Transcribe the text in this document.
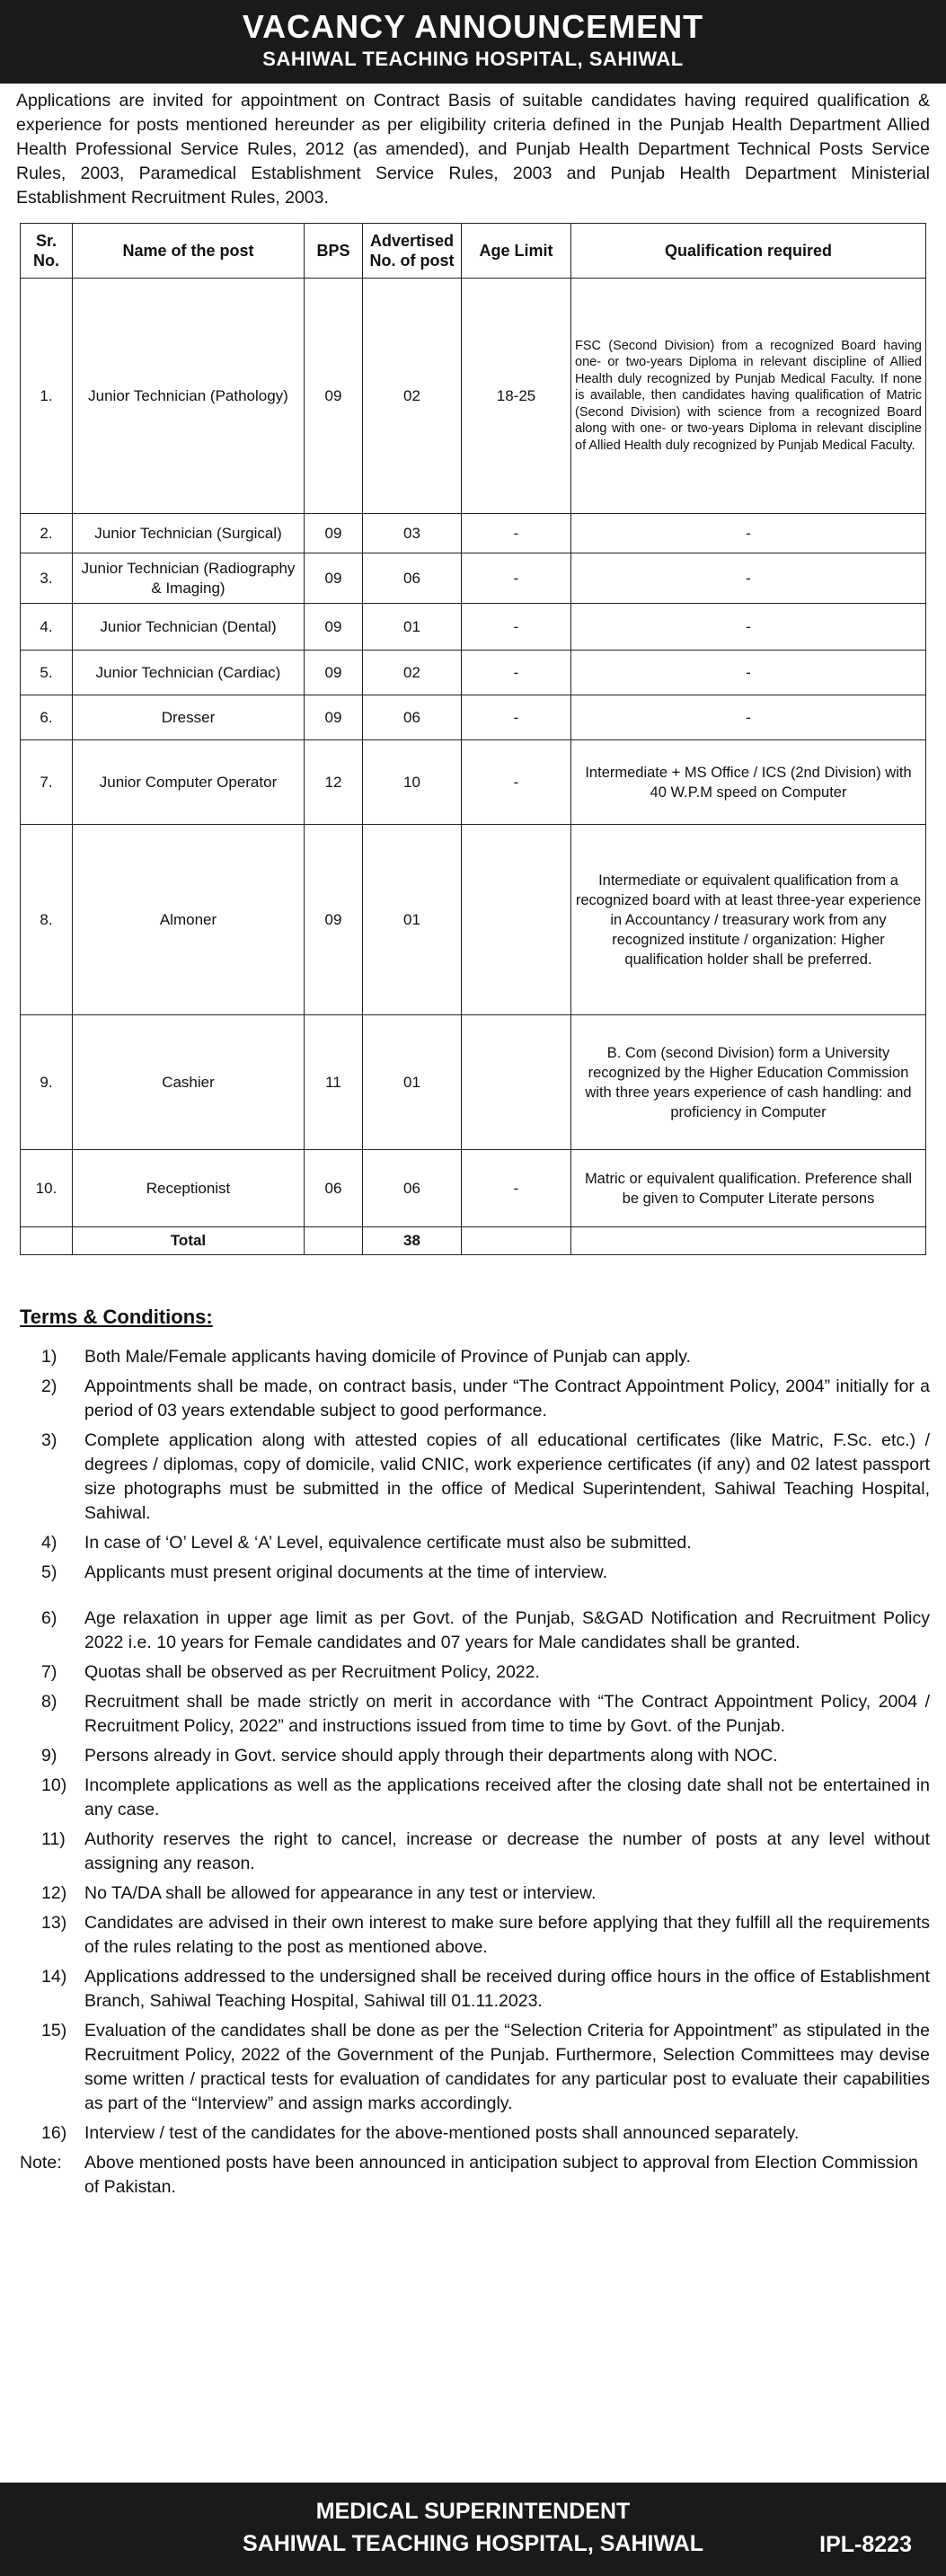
VACANCY ANNOUNCEMENT
SAHIWAL TEACHING HOSPITAL, SAHIWAL
Applications are invited for appointment on Contract Basis of suitable candidates having required qualification & experience for posts mentioned hereunder as per eligibility criteria defined in the Punjab Health Department Allied Health Professional Service Rules, 2012 (as amended), and Punjab Health Department Technical Posts Service Rules, 2003, Paramedical Establishment Service Rules, 2003 and Punjab Health Department Ministerial Establishment Recruitment Rules, 2003.
Sr. No.	Name of the post	BPS	Advertised No. of post	Age Limit	Qualification required
1.	Junior Technician (Pathology)	09	02	18-25	FSC (Second Division) from a recognized Board having one- or two-years Diploma in relevant discipline of Allied Health duly recognized by Punjab Medical Faculty. If none is available, then candidates having qualification of Matric (Second Division) with science from a recognized Board along with one- or two-years Diploma in relevant discipline of Allied Health duly recognized by Punjab Medical Faculty.
2.	Junior Technician (Surgical)	09	03	-	-
3.	Junior Technician (Radiography & Imaging)	09	06	-	-
4.	Junior Technician (Dental)	09	01	-	-
5.	Junior Technician (Cardiac)	09	02	-	-
6.	Dresser	09	06	-	-
7.	Junior Computer Operator	12	10	-	Intermediate + MS Office / ICS (2nd Division) with 40 W.P.M speed on Computer
8.	Almoner	09	01		Intermediate or equivalent qualification from a recognized board with at least three-year experience in Accountancy / treasurary work from any recognized institute / organization: Higher qualification holder shall be preferred.
9.	Cashier	11	01		B. Com (second Division) form a University recognized by the Higher Education Commission with three years experience of cash handling: and proficiency in Computer
10.	Receptionist	06	06	-	Matric or equivalent qualification. Preference shall be given to Computer Literate persons
	Total		38		
Terms & Conditions:
1)	Both Male/Female applicants having domicile of Province of Punjab can apply.
2)	Appointments shall be made, on contract basis, under “The Contract Appointment Policy, 2004” initially for a period of 03 years extendable subject to good performance.
3)	Complete application along with attested copies of all educational certificates (like Matric, F.Sc. etc.) / degrees / diplomas, copy of domicile, valid CNIC, work experience certificates (if any) and 02 latest passport size photographs must be submitted in the office of Medical Superintendent, Sahiwal Teaching Hospital, Sahiwal.
4)	In case of ‘O’ Level & ‘A’ Level, equivalence certificate must also be submitted.
5)	Applicants must present original documents at the time of interview.
6)	Age relaxation in upper age limit as per Govt. of the Punjab, S&GAD Notification and Recruitment Policy 2022 i.e. 10 years for Female candidates and 07 years for Male candidates shall be granted.
7)	Quotas shall be observed as per Recruitment Policy, 2022.
8)	Recruitment shall be made strictly on merit in accordance with “The Contract Appointment Policy, 2004 / Recruitment Policy, 2022” and instructions issued from time to time by Govt. of the Punjab.
9)	Persons already in Govt. service should apply through their departments along with NOC.
10)	Incomplete applications as well as the applications received after the closing date shall not be entertained in any case.
11)	Authority reserves the right to cancel, increase or decrease the number of posts at any level without assigning any reason.
12)	No TA/DA shall be allowed for appearance in any test or interview.
13)	Candidates are advised in their own interest to make sure before applying that they fulfill all the requirements of the rules relating to the post as mentioned above.
14)	Applications addressed to the undersigned shall be received during office hours in the office of Establishment Branch, Sahiwal Teaching Hospital, Sahiwal till 01.11.2023.
15)	Evaluation of the candidates shall be done as per the “Selection Criteria for Appointment” as stipulated in the Recruitment Policy, 2022 of the Government of the Punjab. Furthermore, Selection Committees may devise some written / practical tests for evaluation of candidates for any particular post to evaluate their capabilities as part of the “Interview” and assign marks accordingly.
16)	Interview / test of the candidates for the above-mentioned posts shall announced separately.
Note:	Above mentioned posts have been announced in anticipation subject to approval from Election Commission of Pakistan.
MEDICAL SUPERINTENDENT
SAHIWAL TEACHING HOSPITAL, SAHIWAL	IPL-8223
